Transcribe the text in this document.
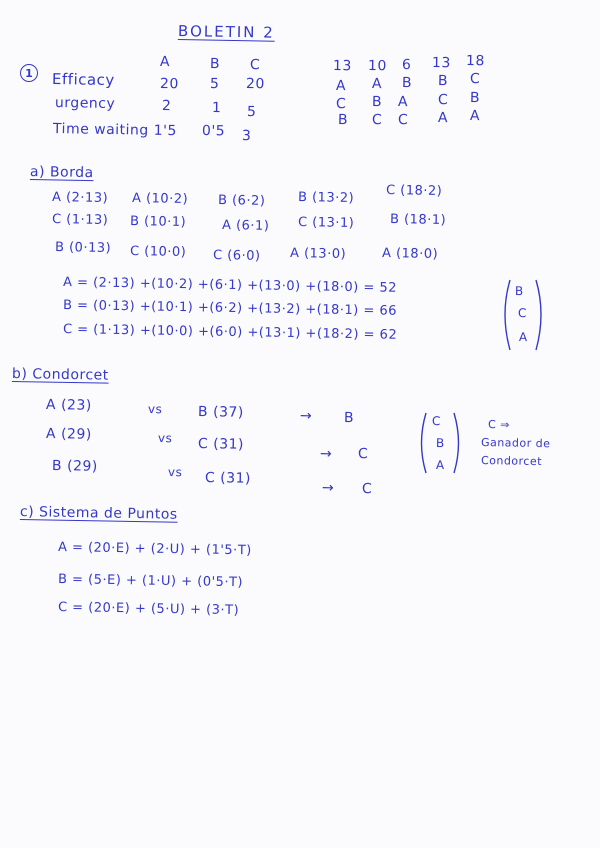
BOLETIN 2
1
A	B C
Efficacy	20 5 20
urgency	2	1 5
Time waiting 1'5 0'5 3
13 10 6 13 18
A A B B C
C B A C B
B C C A A
a) Borda
A (2·13) A (10·2) B (6·2) B (13·2) C (18·2)
C (1·13) B (10·1)	A (6·1) C (13·1)	B (18·1)
B (0·13) C (10·0) C (6·0) A (13·0)	A (18·0)
A = (2·13) +(10·2) +(6·1) +(13·0) +(18·0) = 52
B = (0·13) +(10·1) +(6·2) +(13·2) +(18·1) = 66
C = (1·13) +(10·0) +(6·0) +(13·1) +(18·2) = 62
B
C
A
b) Condorcet
A (23)	vs	B (37)	→ B
A (29)	vs C (31)
→ C
B (29)	vs C (31)
→ C
C
B
A
C ⇒
Ganador de
Condorcet
c) Sistema de Puntos
A = (20·E) + (2·U) + (1'5·T)
B = (5·E) + (1·U) + (0'5·T)
C = (20·E) + (5·U) + (3·T)
